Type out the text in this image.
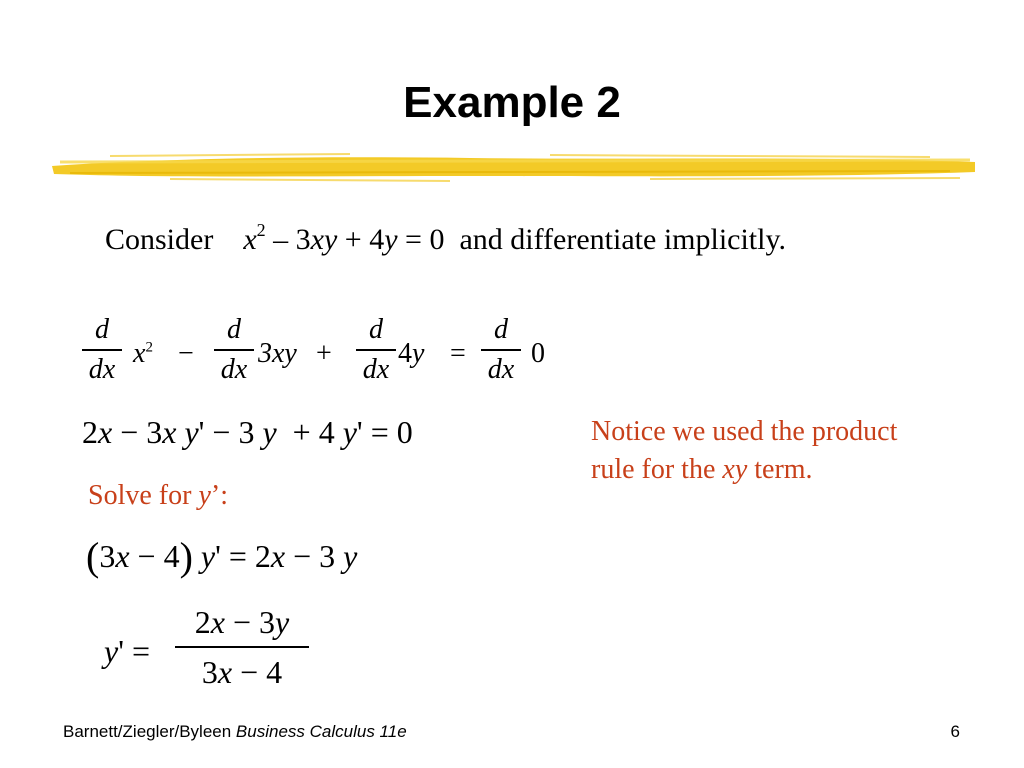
Example 2
Consider $x^2 - 3xy + 4y = 0$ and differentiate implicitly.
d
dx $x^2$ −
d
dx 3xy +
d
dx 4y =
d
dx 0
2x − 3x y' − 3 y + 4 y' = 0	Notice we used the product
rule for the xy term.
Solve for y’:
(3x − 4) y' = 2x − 3 y
y' =
2x − 3y
3x − 4
Barnett/Ziegler/Byleen Business Calculus 11e	6
